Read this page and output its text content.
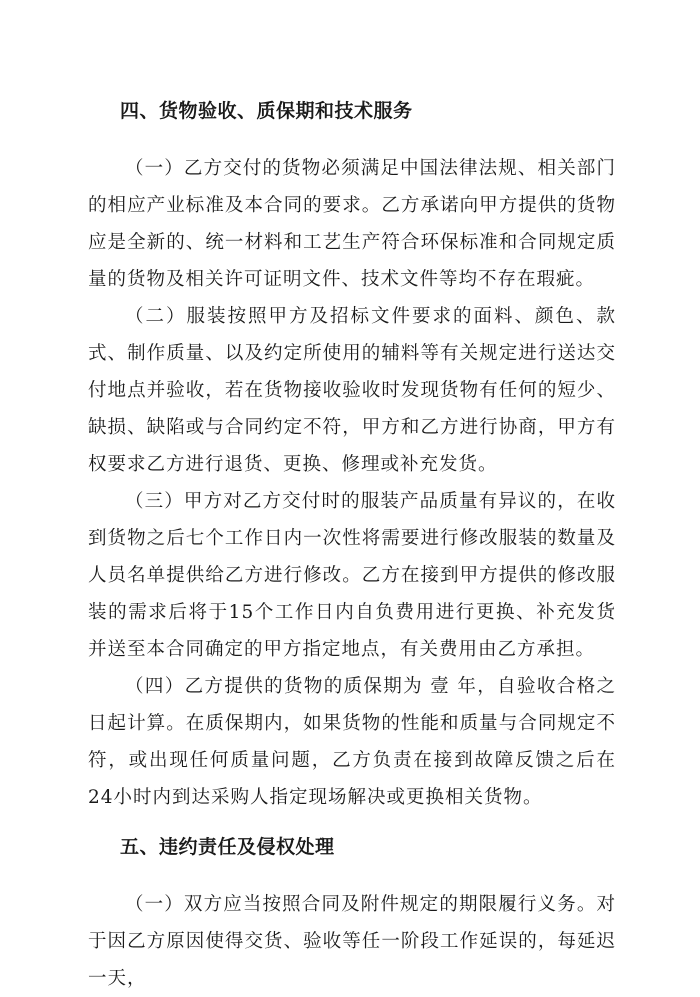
四、货物验收、质保期和技术服务

（一）乙方交付的货物必须满足中国法律法规、相关部门的相应产业标准及本合同的要求。乙方承诺向甲方提供的货物应是全新的、统一材料和工艺生产符合环保标准和合同规定质量的货物及相关许可证明文件、技术文件等均不存在瑕疵。

（二）服装按照甲方及招标文件要求的面料、颜色、款式、制作质量、以及约定所使用的辅料等有关规定进行送达交付地点并验收，若在货物接收验收时发现货物有任何的短少、缺损、缺陷或与合同约定不符，甲方和乙方进行协商，甲方有权要求乙方进行退货、更换、修理或补充发货。

（三）甲方对乙方交付时的服装产品质量有异议的，在收到货物之后七个工作日内一次性将需要进行修改服装的数量及人员名单提供给乙方进行修改。乙方在接到甲方提供的修改服装的需求后将于15个工作日内自负费用进行更换、补充发货并送至本合同确定的甲方指定地点，有关费用由乙方承担。

（四）乙方提供的货物的质保期为 壹 年，自验收合格之日起计算。在质保期内，如果货物的性能和质量与合同规定不符，或出现任何质量问题，乙方负责在接到故障反馈之后在24小时内到达采购人指定现场解决或更换相关货物。

五、违约责任及侵权处理

（一）双方应当按照合同及附件规定的期限履行义务。对于因乙方原因使得交货、验收等任一阶段工作延误的，每延迟一天，
